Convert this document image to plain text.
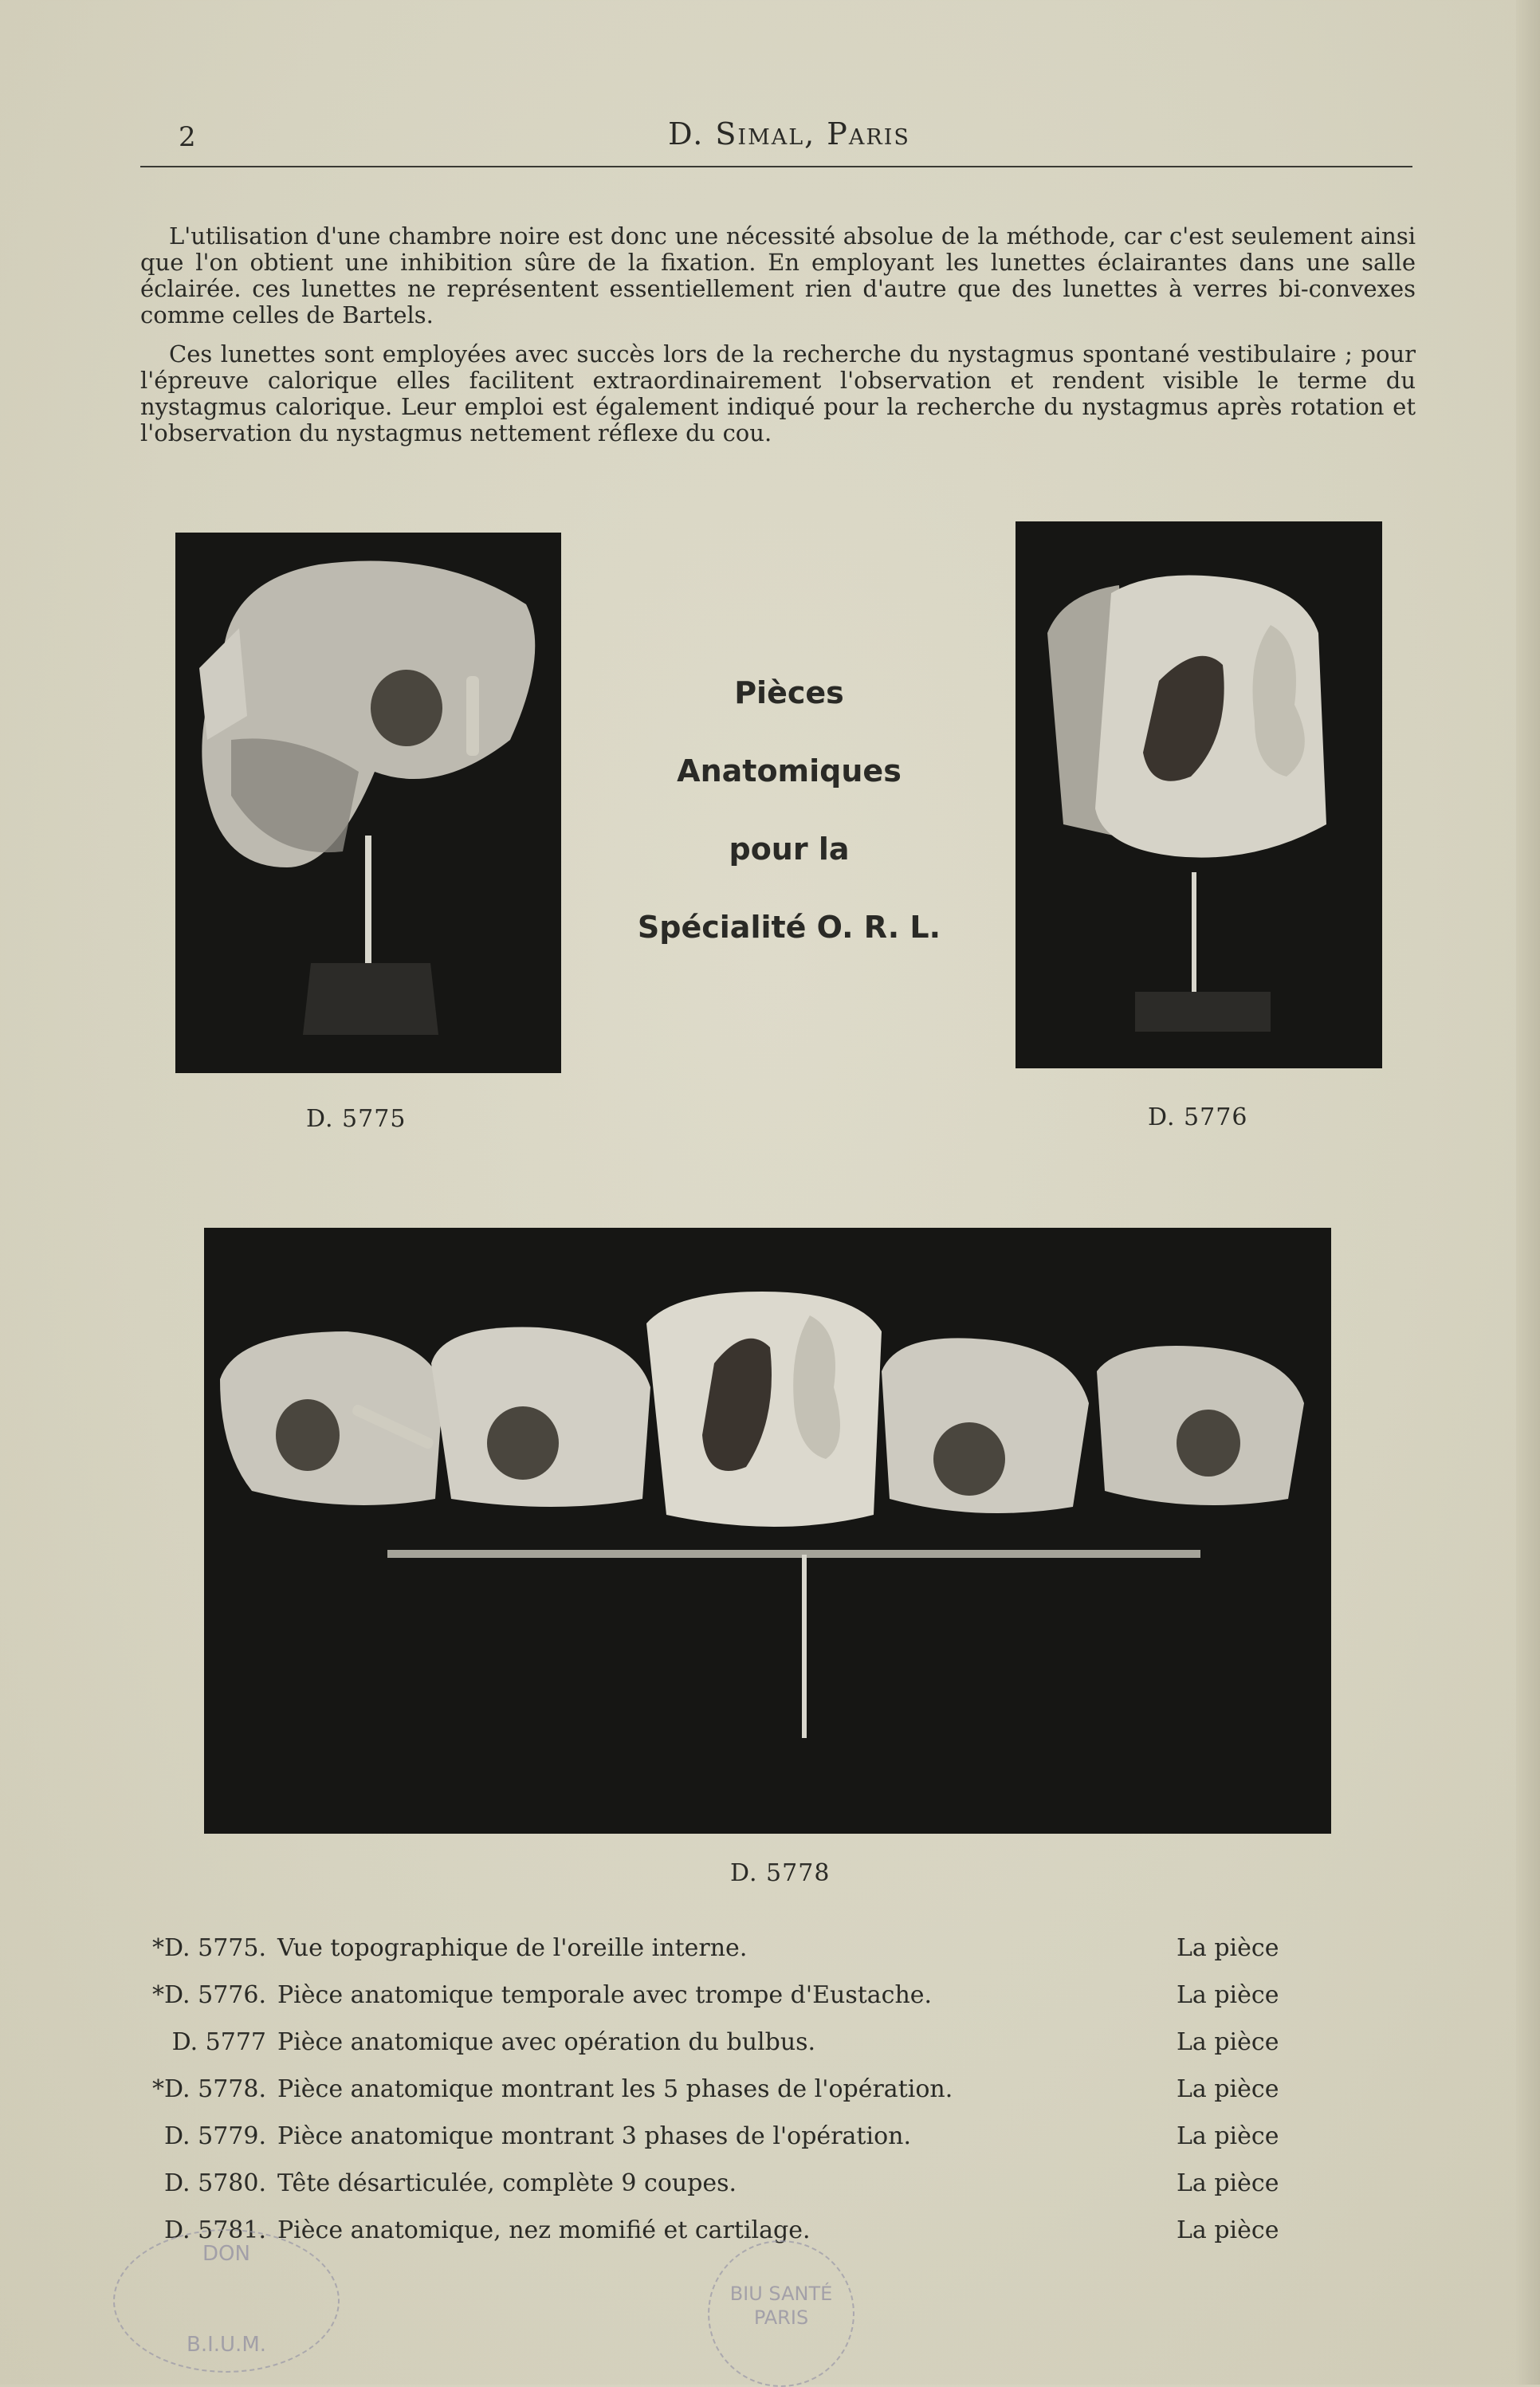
2	D. Simal, Paris

L'utilisation d'une chambre noire est donc une nécessité absolue de la méthode, car c'est seulement ainsi que l'on obtient une inhibition sûre de la fixation. En employant les lunettes éclairantes dans une salle éclairée. ces lunettes ne représentent essentiellement rien d'autre que des lunettes à verres bi-convexes comme celles de Bartels.

Ces lunettes sont employées avec succès lors de la recherche du nystagmus spontané vestibulaire ; pour l'épreuve calorique elles facilitent extraordinairement l'observation et rendent visible le terme du nystagmus calorique. Leur emploi est également indiqué pour la recherche du nystagmus après rotation et l'observation du nystagmus nettement réflexe du cou.

D. 5775	D. 5776
D. 5778
Pièces
Anatomiques
pour la
Spécialité O. R. L.
*D. 5775. Vue topographique de l'oreille interne.	La pièce
*D. 5776. Pièce anatomique temporale avec trompe d'Eustache.	La pièce
D. 5777 Pièce anatomique avec opération du bulbus.	La pièce
*D. 5778. Pièce anatomique montrant les 5 phases de l'opération.	La pièce
D. 5779. Pièce anatomique montrant 3 phases de l'opération.	La pièce
D. 5780. Tête désarticulée, complète 9 coupes.	La pièce
D. 5781. Pièce anatomique, nez momifié et cartilage.	La pièce
DON
B.I.U.M.
BIU SANTÉ PARIS
